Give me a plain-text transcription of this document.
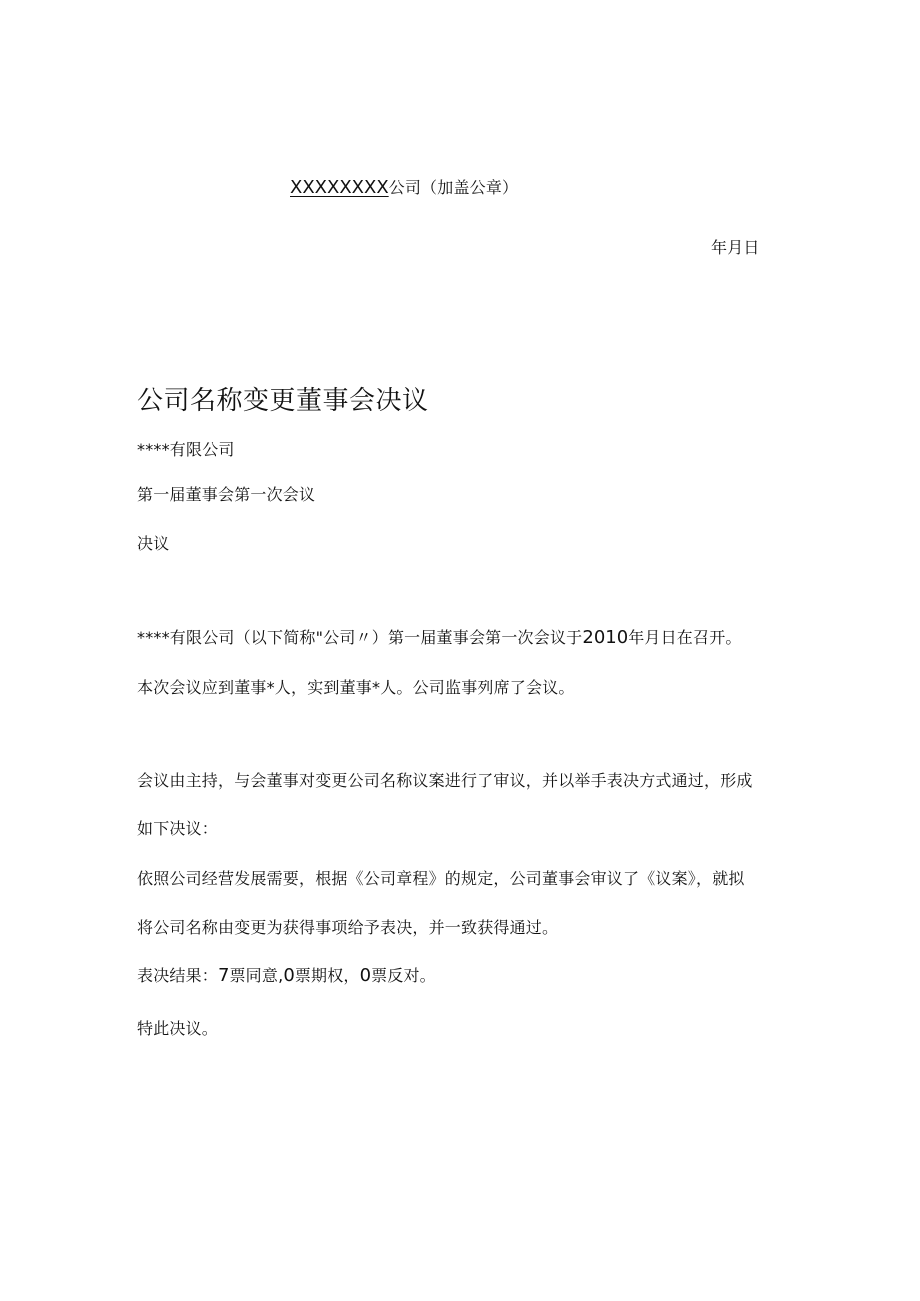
XXXXXXXX公司（加盖公章）
年月日
公司名称变更董事会决议
****有限公司
第一届董事会第一次会议
决议
****有限公司（以下简称"公司〃）第一届董事会第一次会议于2010年月日在召开。
本次会议应到董事*人，实到董事*人。公司监事列席了会议。
会议由主持，与会董事对变更公司名称议案进行了审议，并以举手表决方式通过，形成
如下决议：
依照公司经营发展需要，根据《公司章程》的规定，公司董事会审议了《议案》，就拟
将公司名称由变更为获得事项给予表决，并一致获得通过。
表决结果：7票同意,0票期权，0票反对。
特此决议。
